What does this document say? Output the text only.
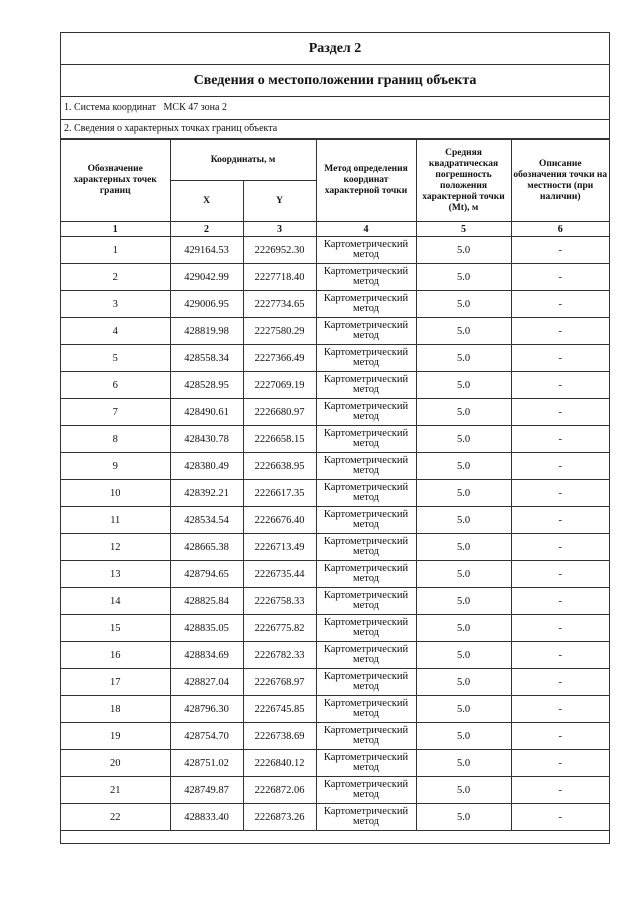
Раздел 2
Сведения о местоположении границ объекта
1. Система координат МСК 47 зона 2
2. Сведения о характерных точках границ объекта
Обозначение характерных точек границ	Координаты, м		Метод определения координат характерной точки	Средняя квадратическая погрешность положения характерной точки (Mt), м	Описание обозначения точки на местности (при наличии)
	X	Y			
1	2	3	4	5	6
1	429164.53	2226952.30	Картометрический метод	5.0	-
2	429042.99	2227718.40	Картометрический метод	5.0	-
3	429006.95	2227734.65	Картометрический метод	5.0	-
4	428819.98	2227580.29	Картометрический метод	5.0	-
5	428558.34	2227366.49	Картометрический метод	5.0	-
6	428528.95	2227069.19	Картометрический метод	5.0	-
7	428490.61	2226680.97	Картометрический метод	5.0	-
8	428430.78	2226658.15	Картометрический метод	5.0	-
9	428380.49	2226638.95	Картометрический метод	5.0	-
10	428392.21	2226617.35	Картометрический метод	5.0	-
11	428534.54	2226676.40	Картометрический метод	5.0	-
12	428665.38	2226713.49	Картометрический метод	5.0	-
13	428794.65	2226735.44	Картометрический метод	5.0	-
14	428825.84	2226758.33	Картометрический метод	5.0	-
15	428835.05	2226775.82	Картометрический метод	5.0	-
16	428834.69	2226782.33	Картометрический метод	5.0	-
17	428827.04	2226768.97	Картометрический метод	5.0	-
18	428796.30	2226745.85	Картометрический метод	5.0	-
19	428754.70	2226738.69	Картометрический метод	5.0	-
20	428751.02	2226840.12	Картометрический метод	5.0	-
21	428749.87	2226872.06	Картометрический метод	5.0	-
22	428833.40	2226873.26	Картометрический метод	5.0	-
